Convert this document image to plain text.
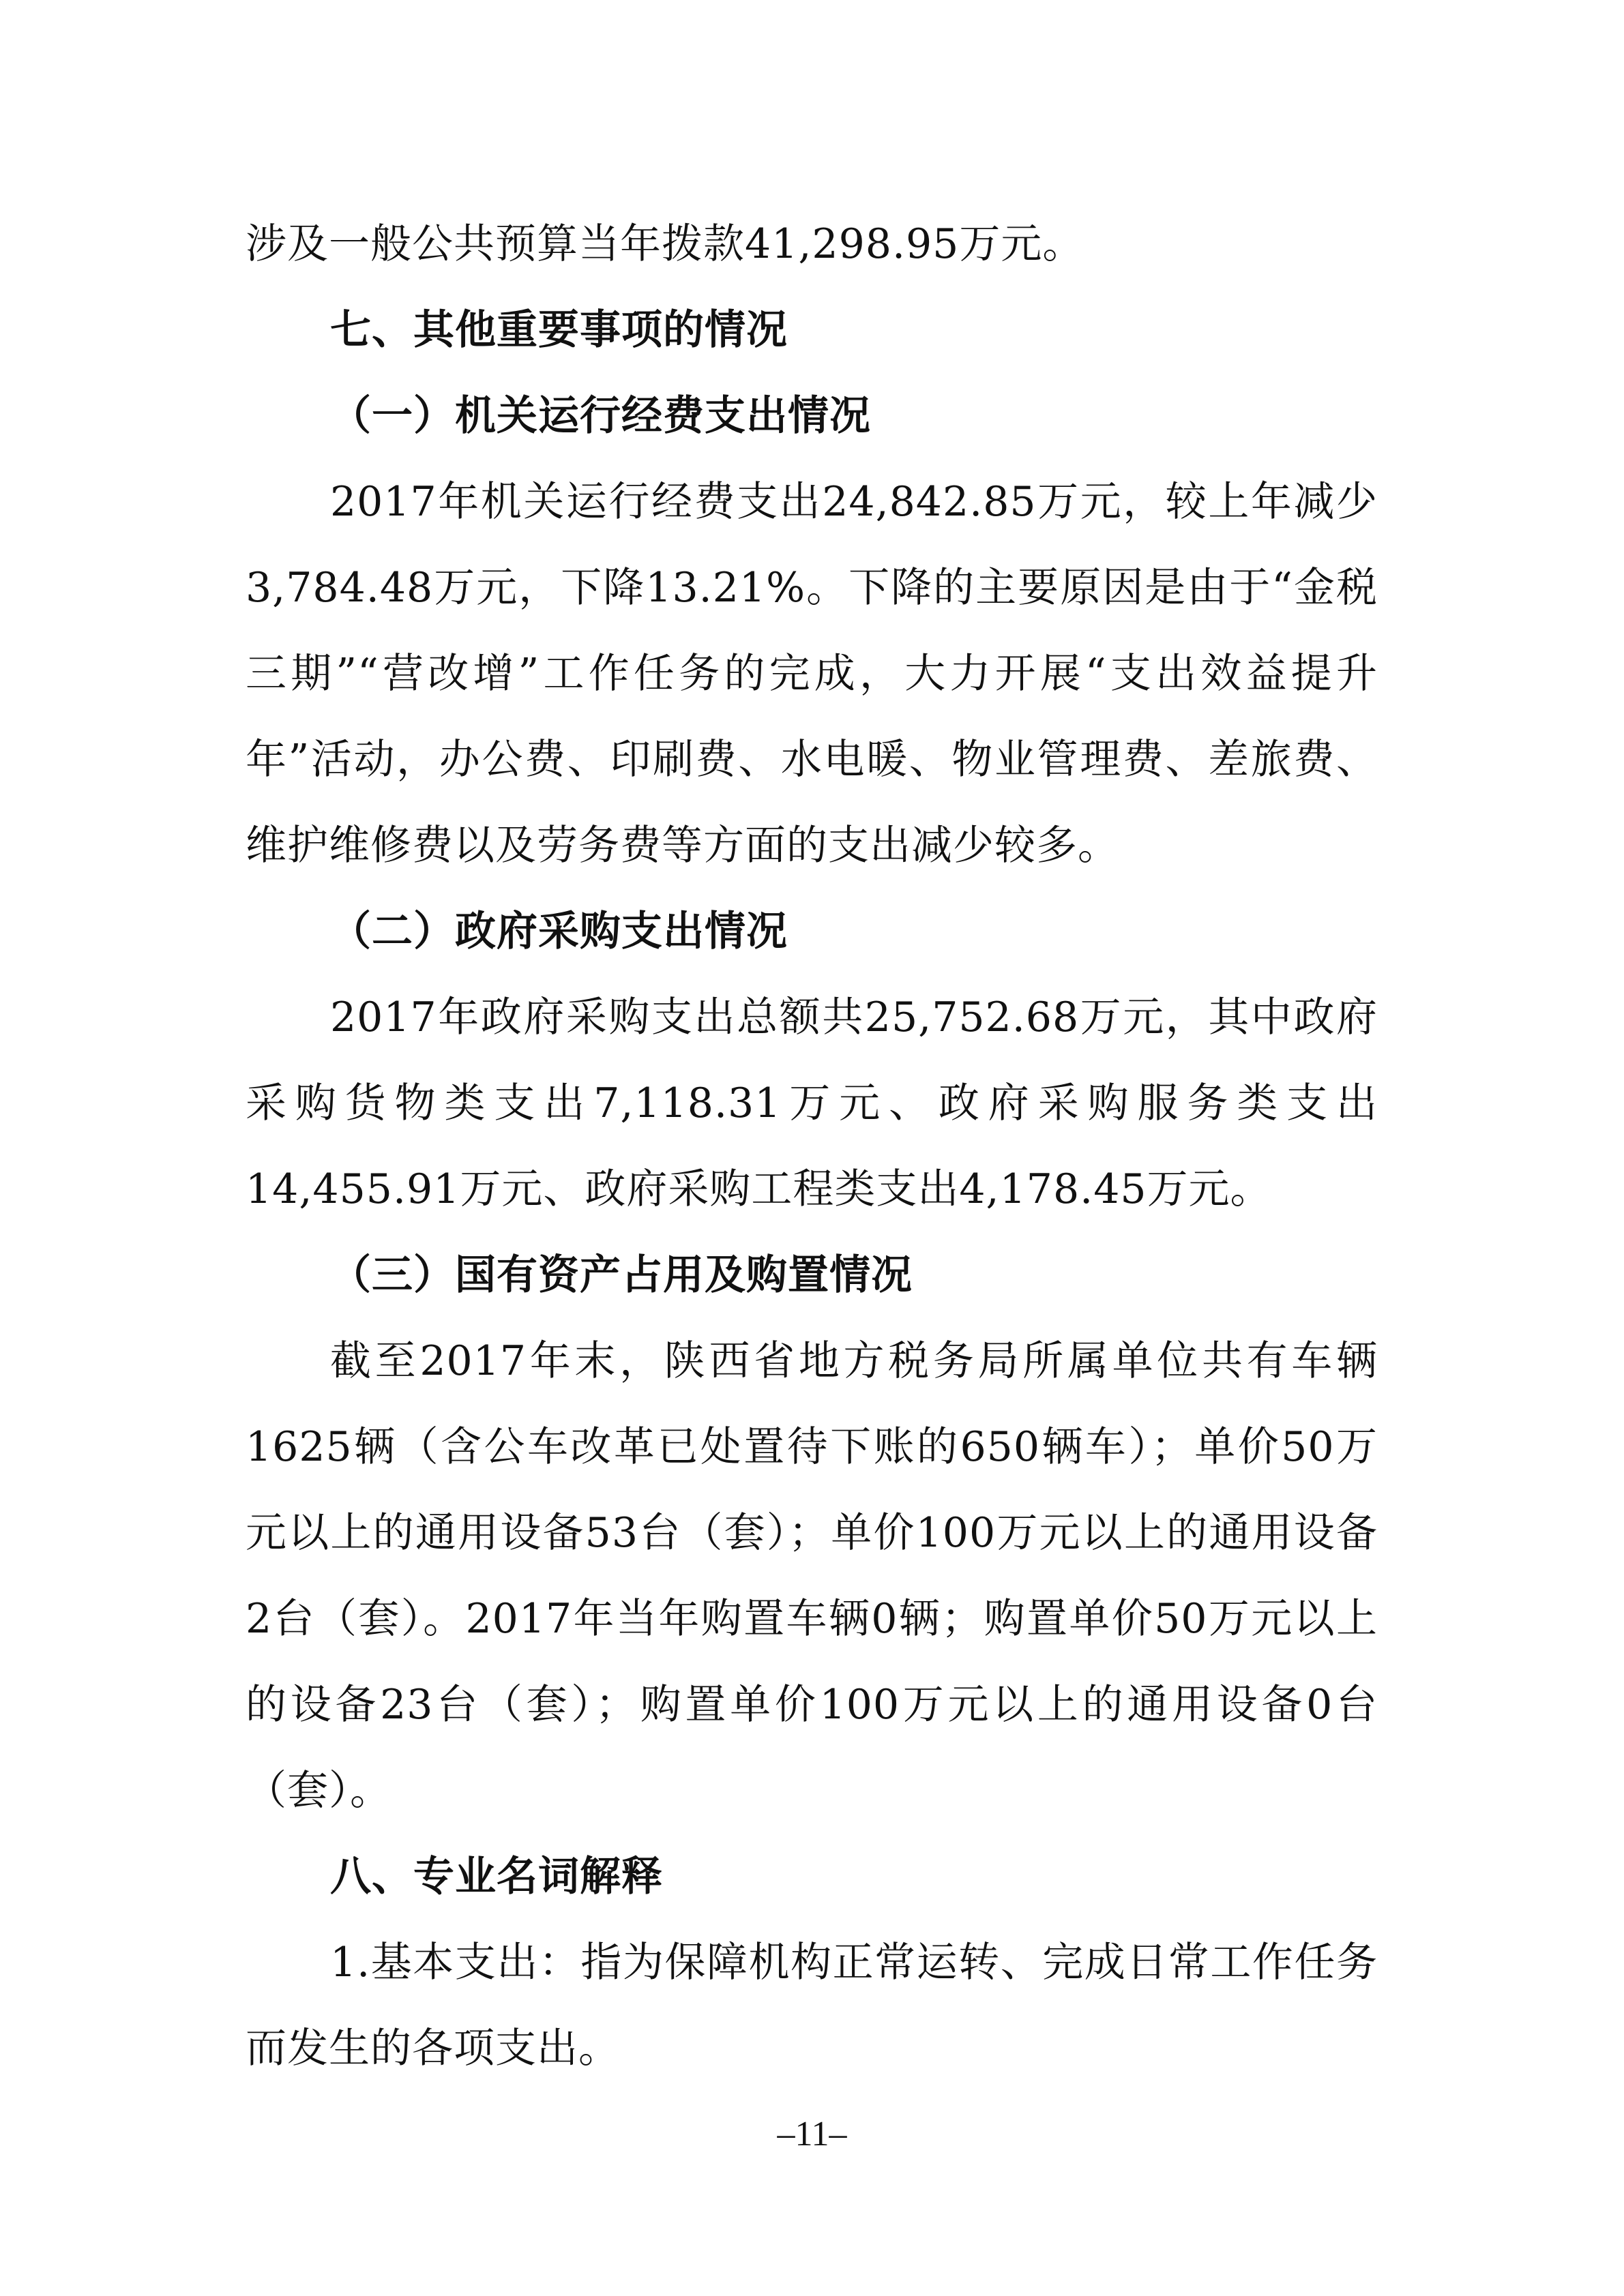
涉及一般公共预算当年拨款41,298.95万元。

七、其他重要事项的情况
（一）机关运行经费支出情况

2017年机关运行经费支出24,842.85万元，较上年减少3,784.48万元，下降13.21%。下降的主要原因是由于“金税三期”“营改增”工作任务的完成，大力开展“支出效益提升年”活动，办公费、印刷费、水电暖、物业管理费、差旅费、维护维修费以及劳务费等方面的支出减少较多。

（二）政府采购支出情况

2017年政府采购支出总额共25,752.68万元，其中政府采购货物类支出7,118.31万元、政府采购服务类支出14,455.91万元、政府采购工程类支出4,178.45万元。

（三）国有资产占用及购置情况

截至2017年末，陕西省地方税务局所属单位共有车辆1625辆（含公车改革已处置待下账的650辆车）；单价50万元以上的通用设备53台（套）；单价100万元以上的通用设备2台（套）。2017年当年购置车辆0辆；购置单价50万元以上的设备23台（套）；购置单价100万元以上的通用设备0台（套）。

八、专业名词解释

1.基本支出：指为保障机构正常运转、完成日常工作任务而发生的各项支出。

–11–
